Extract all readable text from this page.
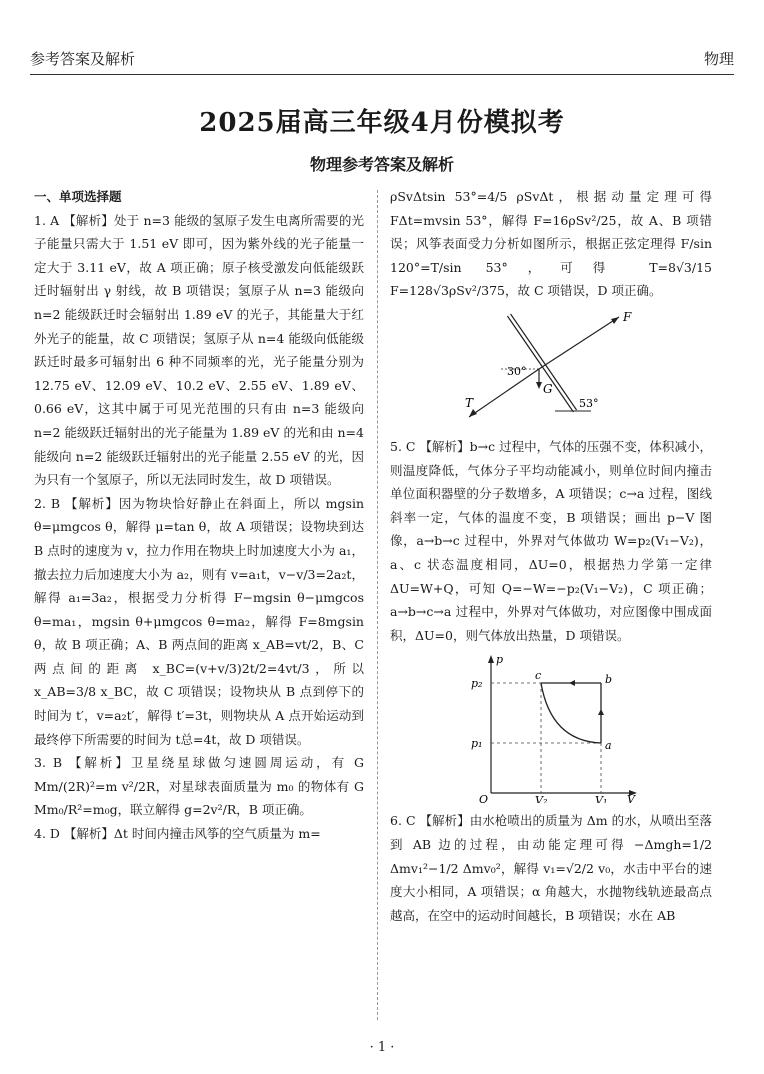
参考答案及解析	物理
2025届高三年级4月份模拟考
物理参考答案及解析

一、单项选择题

1. A 【解析】处于 n=3 能级的氢原子发生电离所需要的光子能量只需大于 1.51 eV 即可，因为紫外线的光子能量一定大于 3.11 eV，故 A 项正确；原子核受激发向低能级跃迁时辐射出 γ 射线，故 B 项错误；氢原子从 n=3 能级向 n=2 能级跃迁时会辐射出 1.89 eV 的光子，其能量大于红外光子的能量，故 C 项错误；氢原子从 n=4 能级向低能级跃迁时最多可辐射出 6 种不同频率的光，光子能量分别为 12.75 eV、12.09 eV、10.2 eV、2.55 eV、1.89 eV、0.66 eV，这其中属于可见光范围的只有由 n=3 能级向 n=2 能级跃迁辐射出的光子能量为 1.89 eV 的光和由 n=4 能级向 n=2 能级跃迁辐射出的光子能量 2.55 eV 的光，因为只有一个氢原子，所以无法同时发生，故 D 项错误。

2. B 【解析】因为物块恰好静止在斜面上，所以 mgsin θ=μmgcos θ，解得 μ=tan θ，故 A 项错误；设物块到达 B 点时的速度为 v，拉力作用在物块上时加速度大小为 a₁，撤去拉力后加速度大小为 a₂，则有 v=a₁t，v−v/3=2a₂t，解得 a₁=3a₂，根据受力分析得 F−mgsin θ−μmgcos θ=ma₁，mgsin θ+μmgcos θ=ma₂，解得 F=8mgsin θ，故 B 项正确；A、B 两点间的距离 x_AB=vt/2，B、C 两点间的距离 x_BC=(v+v/3)2t/2=4vt/3，所以 x_AB=3/8 x_BC，故 C 项错误；设物块从 B 点到停下的时间为 t′，v=a₂t′，解得 t′=3t，则物块从 A 点开始运动到最终停下所需要的时间为 t总=4t，故 D 项错误。

3. B 【解析】卫星绕星球做匀速圆周运动，有 G Mm/(2R)²=m v²/2R，对星球表面质量为 m₀ 的物体有 G Mm₀/R²=m₀g，联立解得 g=2v²/R，B 项正确。

4. D 【解析】Δt 时间内撞击风筝的空气质量为 m=

ρSvΔtsin 53°=4/5 ρSvΔt，根据动量定理可得 FΔt=mvsin 53°，解得 F=16ρSv²/25，故 A、B 项错误；风筝表面受力分析如图所示，根据正弦定理得 F/sin 120°=T/sin 53°，可得 T=8√3/15 F=128√3ρSv²/375，故 C 项错误，D 项正确。

F
T
G
30°
53°

5. C 【解析】b→c 过程中，气体的压强不变，体积减小，则温度降低，气体分子平均动能减小，则单位时间内撞击单位面积器壁的分子数增多，A 项错误；c→a 过程，图线斜率一定，气体的温度不变，B 项错误；画出 p−V 图像，a→b→c 过程中，外界对气体做功 W=p₂(V₁−V₂)，a、c 状态温度相同，ΔU=0，根据热力学第一定律 ΔU=W+Q，可知 Q=−W=−p₂(V₁−V₂)，C 项正确；a→b→c→a 过程中，外界对气体做功，对应图像中围成面积，ΔU=0，则气体放出热量，D 项错误。

p
V
O
p₂
p₁
V₂	V₁
a
b
c

6. C 【解析】由水枪喷出的质量为 Δm 的水，从喷出至落到 AB 边的过程，由动能定理可得 −Δmgh=1/2 Δmv₁²−1/2 Δmv₀²，解得 v₁=√2/2 v₀，水击中平台的速度大小相同，A 项错误；α 角越大，水抛物线轨迹最高点越高，在空中的运动时间越长，B 项错误；水在 AB

· 1 ·
